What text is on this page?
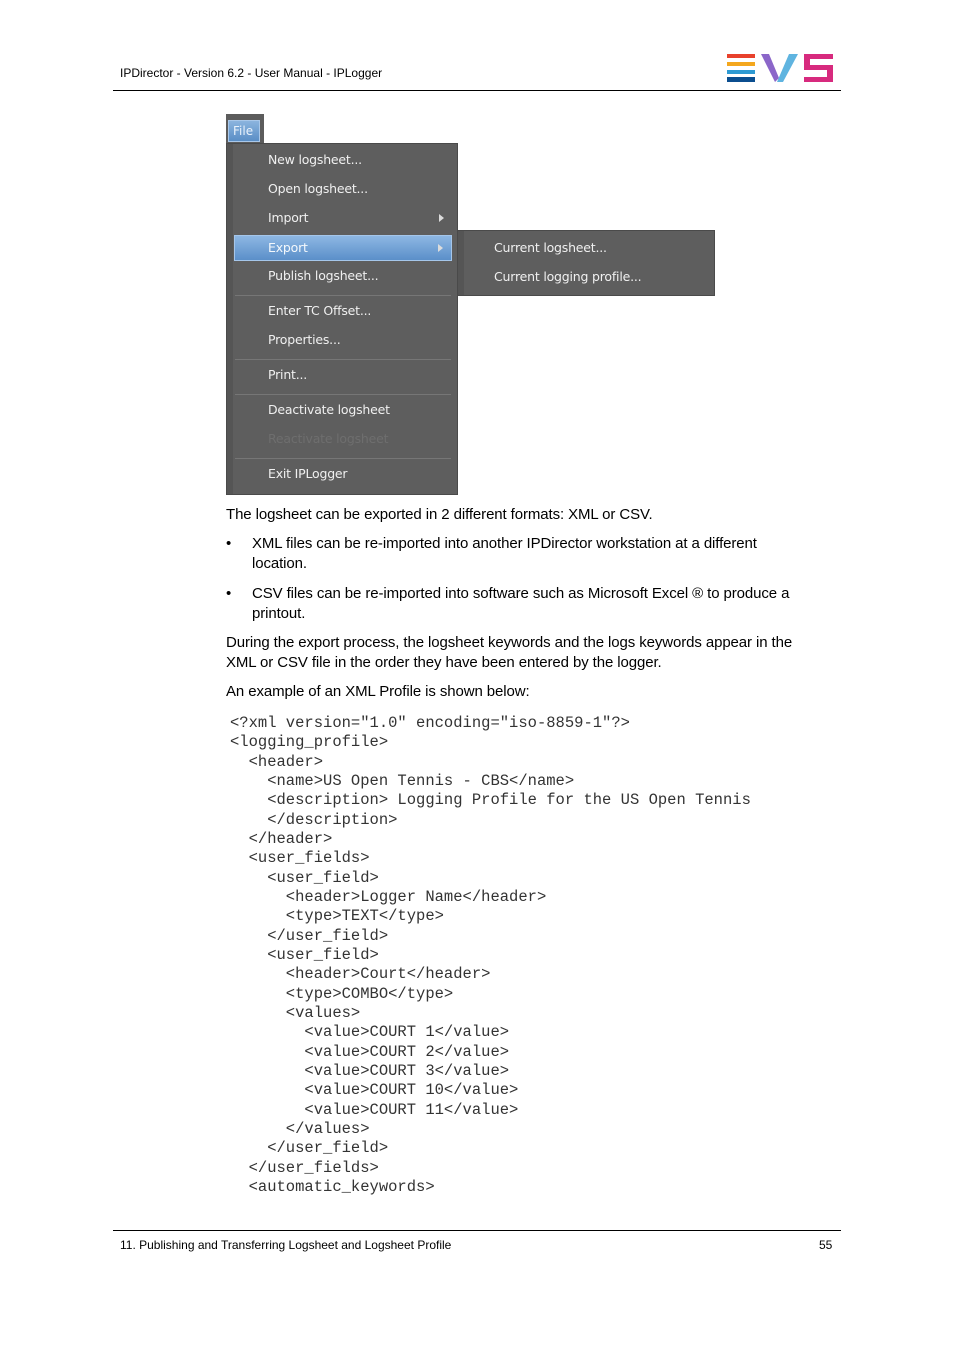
IPDirector - Version 6.2 - User Manual - IPLogger
File
New logsheet...
Open logsheet...
Import
Export
Publish logsheet...
Enter TC Offset...
Properties...
Print...
Deactivate logsheet
Reactivate logsheet
Exit IPLogger
Current logsheet...
Current logging profile...
The logsheet can be exported in 2 different formats: XML or CSV.
• XML files can be re-imported into another IPDirector workstation at a different
location.
• CSV files can be re-imported into software such as Microsoft Excel ® to produce a
printout.
During the export process, the logsheet keywords and the logs keywords appear in the
XML or CSV file in the order they have been entered by the logger.
An example of an XML Profile is shown below:
<?xml version="1.0" encoding="iso-8859-1"?>
<logging_profile>
<header>
<name>US Open Tennis - CBS</name>
<description> Logging Profile for the US Open Tennis
</description>
</header>
<user_fields>
<user_field>
<header>Logger Name</header>
<type>TEXT</type>
</user_field>
<user_field>
<header>Court</header>
<type>COMBO</type>
<values>
<value>COURT 1</value>
<value>COURT 2</value>
<value>COURT 3</value>
<value>COURT 10</value>
<value>COURT 11</value>
</values>
</user_field>
</user_fields>
<automatic_keywords>
11. Publishing and Transferring Logsheet and Logsheet Profile	55
